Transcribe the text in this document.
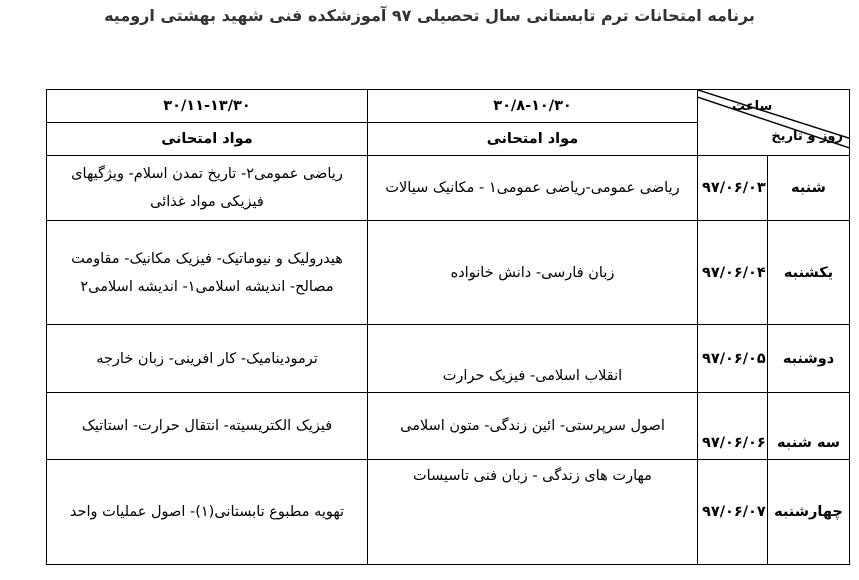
برنامه امتحانات ترم تابستانی سال تحصیلی ۹۷ آموزشکده فنی شهید بهشتی ارومیه
ساعت
روز و تاریخ		۳۰/۸-۱۰/۳۰	۳۰/۱۱-۱۳/۳۰
		مواد امتحانی	مواد امتحانی
شنبه	۹۷/۰۶/۰۳	ریاضی عمومی-ریاضی عمومی۱ - مکانیک سیالات	ریاضی عمومی۲- تاریخ تمدن اسلام- ویژگیهای فیزیکی مواد غذائی
یکشنبه	۹۷/۰۶/۰۴	زبان فارسی- دانش خانواده	هیدرولیک و نیوماتیک- فیزیک مکانیک- مقاومت مصالح- اندیشه اسلامی۱- اندیشه اسلامی۲
دوشنبه	۹۷/۰۶/۰۵	انقلاب اسلامی- فیزیک حرارت	ترمودینامیک- کار افرینی- زبان خارجه
سه شنبه	۹۷/۰۶/۰۶	اصول سرپرستی- ائین زندگی- متون اسلامی	فیزیک الکتریسیته- انتقال حرارت- استاتیک
چهارشنبه	۹۷/۰۶/۰۷	مهارت های زندگی - زبان فنی تاسیسات	تهویه مطبوع تابستانی(۱)- اصول عملیات واحد
